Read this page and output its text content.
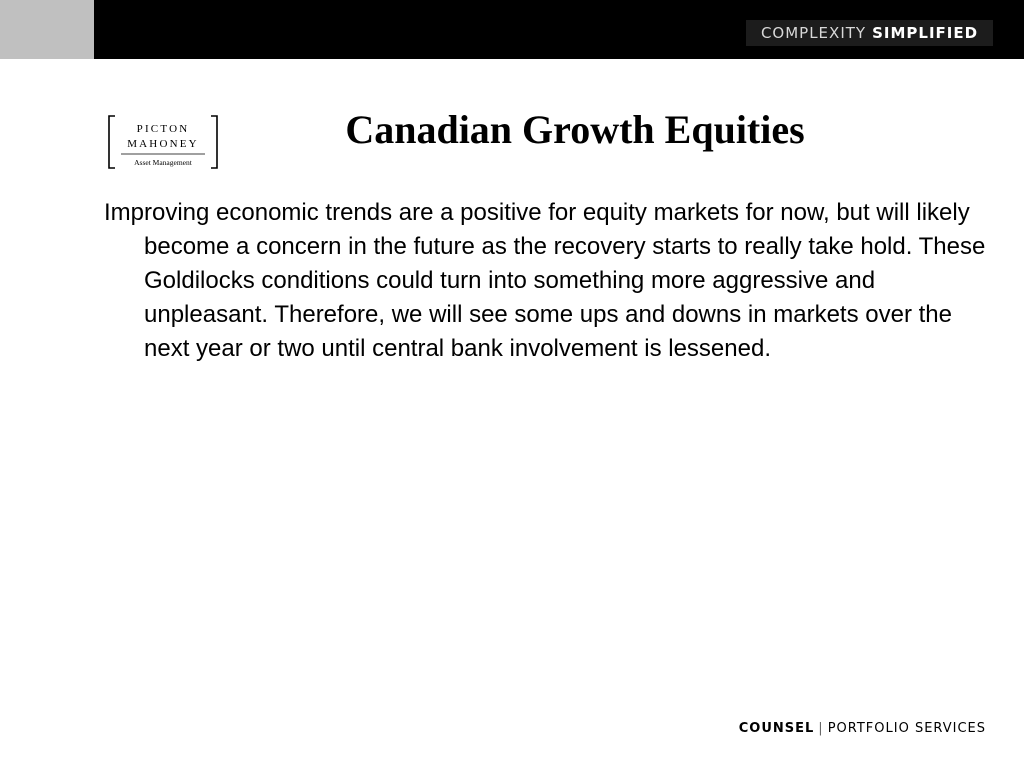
COMPLEXITY SIMPLIFIED
PICTON
MAHONEY
Asset Management
Canadian Growth Equities

Improving economic trends are a positive for equity markets for now, but will likely become a concern in the future as the recovery starts to really take hold. These Goldilocks conditions could turn into something more aggressive and unpleasant. Therefore, we will see some ups and downs in markets over the next year or two until central bank involvement is lessened.

COUNSEL | PORTFOLIO SERVICES
